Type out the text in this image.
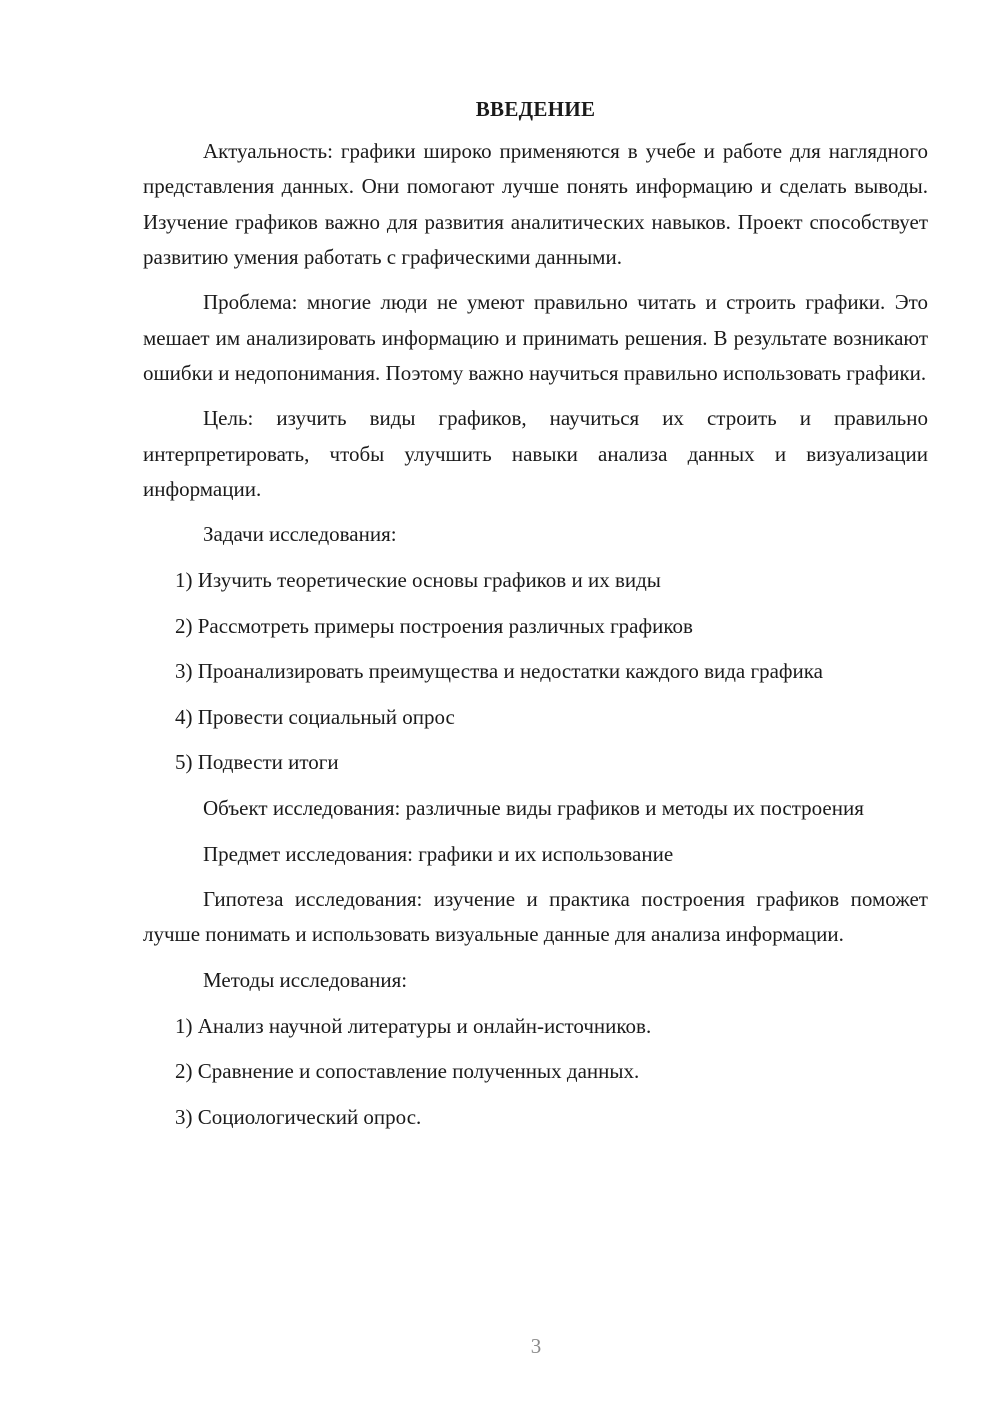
ВВЕДЕНИЕ

Актуальность: графики широко применяются в учебе и работе для наглядного представления данных. Они помогают лучше понять информацию и сделать выводы. Изучение графиков важно для развития аналитических навыков. Проект способствует развитию умения работать с графическими данными.

Проблема: многие люди не умеют правильно читать и строить графики. Это мешает им анализировать информацию и принимать решения. В результате возникают ошибки и недопонимания. Поэтому важно научиться правильно использовать графики.

Цель: изучить виды графиков, научиться их строить и правильно интерпретировать, чтобы улучшить навыки анализа данных и визуализации информации.

Задачи исследования:

1) Изучить теоретические основы графиков и их виды

2) Рассмотреть примеры построения различных графиков

3) Проанализировать преимущества и недостатки каждого вида графика

4) Провести социальный опрос

5) Подвести итоги

Объект исследования: различные виды графиков и методы их построения

Предмет исследования: графики и их использование

Гипотеза исследования: изучение и практика построения графиков поможет лучше понимать и использовать визуальные данные для анализа информации.

Методы исследования:

1) Анализ научной литературы и онлайн-источников.

2) Сравнение и сопоставление полученных данных.

3) Социологический опрос.

3
